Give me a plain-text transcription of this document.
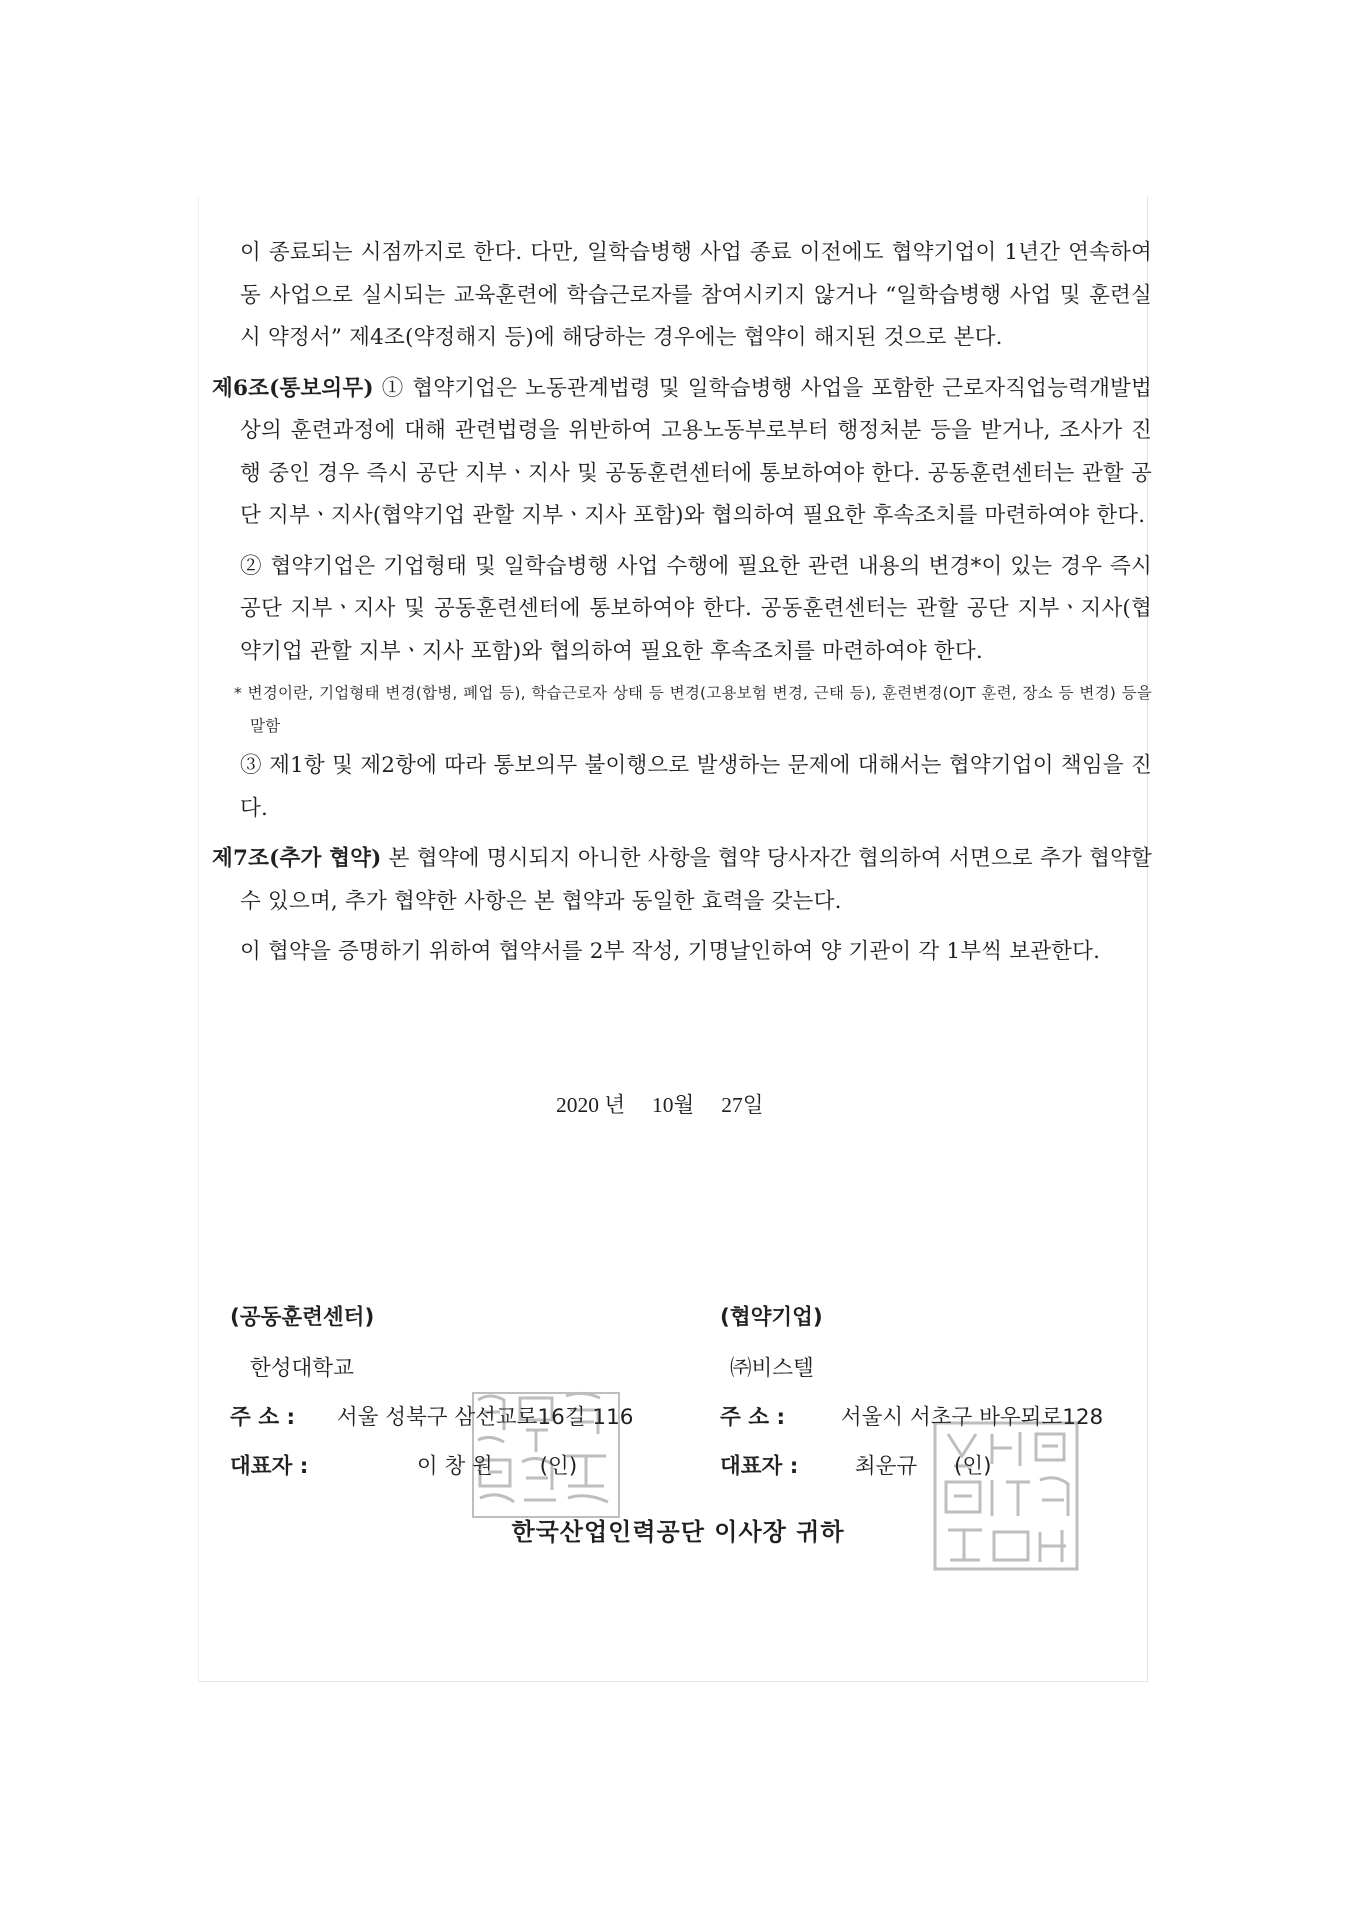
이 종료되는 시점까지로 한다. 다만, 일학습병행 사업 종료 이전에도 협약기업이 1년간 연속하여 동 사업으로 실시되는 교육훈련에 학습근로자를 참여시키지 않거나 “일학습병행 사업 및 훈련실시 약정서” 제4조(약정해지 등)에 해당하는 경우에는 협약이 해지된 것으로 본다.

제6조(통보의무) ① 협약기업은 노동관계법령 및 일학습병행 사업을 포함한 근로자직업능력개발법 상의 훈련과정에 대해 관련법령을 위반하여 고용노동부로부터 행정처분 등을 받거나, 조사가 진행 중인 경우 즉시 공단 지부ㆍ지사 및 공동훈련센터에 통보하여야 한다. 공동훈련센터는 관할 공단 지부ㆍ지사(협약기업 관할 지부ㆍ지사 포함)와 협의하여 필요한 후속조치를 마련하여야 한다.

② 협약기업은 기업형태 및 일학습병행 사업 수행에 필요한 관련 내용의 변경*이 있는 경우 즉시 공단 지부ㆍ지사 및 공동훈련센터에 통보하여야 한다. 공동훈련센터는 관할 공단 지부ㆍ지사(협약기업 관할 지부ㆍ지사 포함)와 협의하여 필요한 후속조치를 마련하여야 한다.

* 변경이란, 기업형태 변경(합병, 폐업 등), 학습근로자 상태 등 변경(고용보험 변경, 근태 등), 훈련변경(OJT 훈련, 장소 등 변경) 등을 말함

③ 제1항 및 제2항에 따라 통보의무 불이행으로 발생하는 문제에 대해서는 협약기업이 책임을 진다.

제7조(추가 협약) 본 협약에 명시되지 아니한 사항을 협약 당사자간 협의하여 서면으로 추가 협약할 수 있으며, 추가 협약한 사항은 본 협약과 동일한 효력을 갖는다.

이 협약을 증명하기 위하여 협약서를 2부 작성, 기명날인하여 양 기관이 각 1부씩 보관한다.

2020 년 10월 27일
(공동훈련센터)
한성대학교
주 소 : 서울 성북구 삼선교로16길 116
대표자 :	이 창 원 (인)
(협약기업)
㈜비스텔
주 소 :	서울시 서초구 바우뫼로128
대표자 :	최운규 (인)
한국산업인력공단 이사장 귀하
